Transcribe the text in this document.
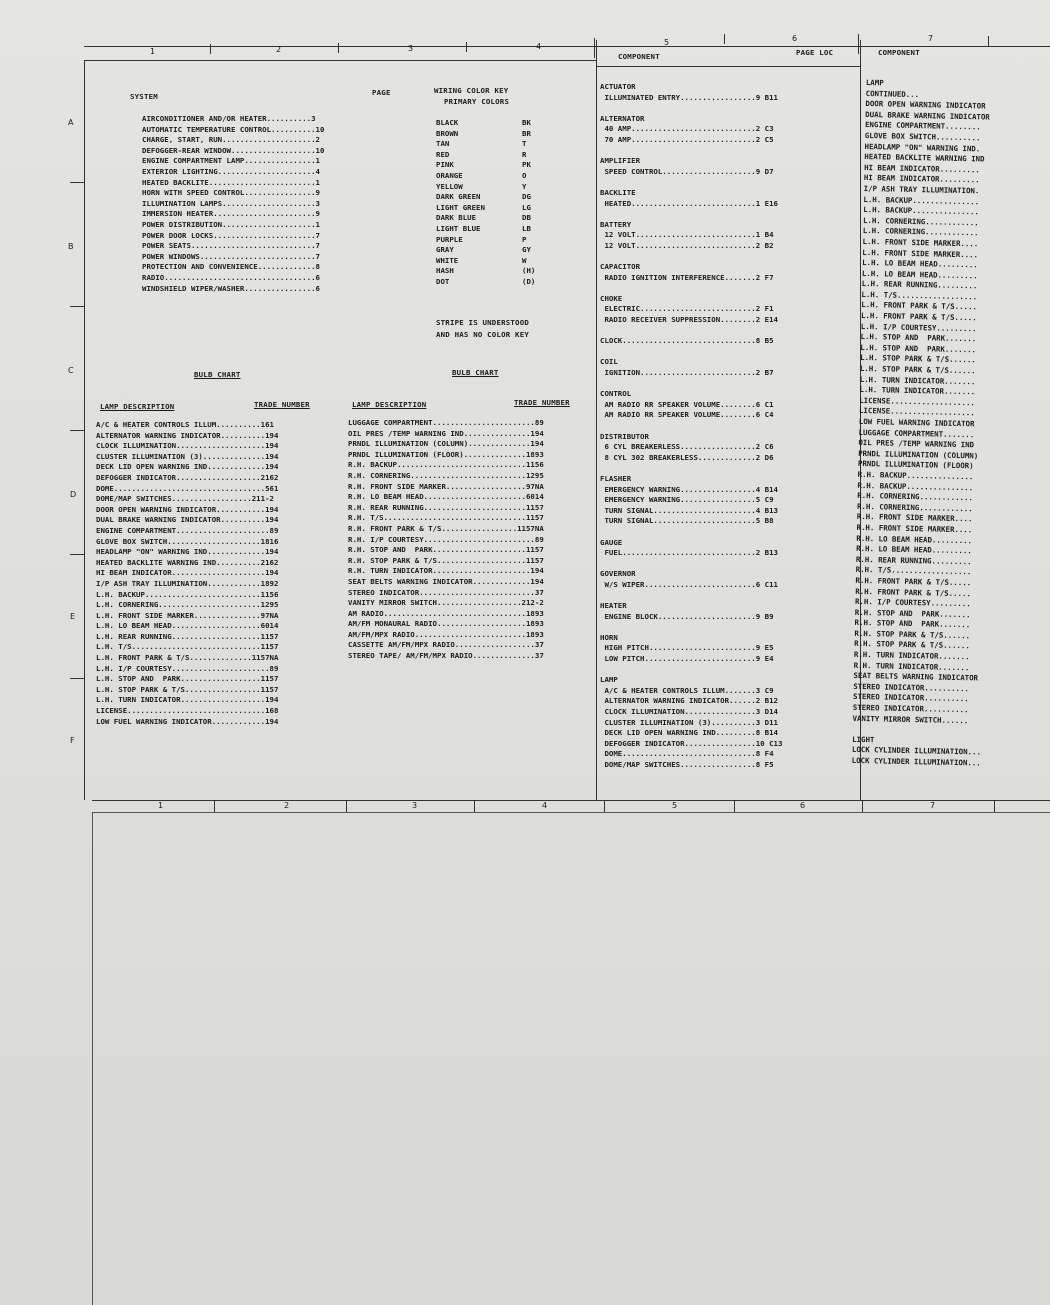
1	2	3	4	5	6	7
A
B
C
D
E
F
SYSTEM	PAGE
AIRCONDITIONER AND/OR HEATER..........3
AUTOMATIC TEMPERATURE CONTROL..........10
CHARGE, START, RUN.....................2
DEFOGGER-REAR WINDOW...................10
ENGINE COMPARTMENT LAMP................1
EXTERIOR LIGHTING......................4
HEATED BACKLITE........................1
HORN WITH SPEED CONTROL................9
ILLUMINATION LAMPS.....................3
IMMERSION HEATER.......................9
POWER DISTRIBUTION.....................1
POWER DOOR LOCKS.......................7
POWER SEATS............................7
POWER WINDOWS..........................7
PROTECTION AND CONVENIENCE.............8
RADIO..................................6
WINDSHIELD WIPER/WASHER................6
WIRING COLOR KEY
PRIMARY COLORS
BLACK	BK
BROWN	BR
TAN	T
RED	R
PINK	PK
ORANGE	O
YELLOW	Y
DARK GREEN	DG
LIGHT GREEN	LG
DARK BLUE	DB
LIGHT BLUE	LB
PURPLE	P
GRAY	GY
WHITE	W
HASH	(H)
DOT	(D)
STRIPE IS UNDERSTOOD
AND HAS NO COLOR KEY
BULB CHART
LAMP DESCRIPTION	TRADE NUMBER
A/C & HEATER CONTROLS ILLUM..........161
ALTERNATOR WARNING INDICATOR..........194
CLOCK ILLUMINATION....................194
CLUSTER ILLUMINATION (3)..............194
DECK LID OPEN WARNING IND.............194
DEFOGGER INDICATOR...................2162
DOME..................................561
DOME/MAP SWITCHES..................211-2
DOOR OPEN WARNING INDICATOR...........194
DUAL BRAKE WARNING INDICATOR..........194
ENGINE COMPARTMENT.....................89
GLOVE BOX SWITCH.....................1816
HEADLAMP "ON" WARNING IND.............194
HEATED BACKLITE WARNING IND..........2162
HI BEAM INDICATOR.....................194
I/P ASH TRAY ILLUMINATION............1892
L.H. BACKUP..........................1156
L.H. CORNERING.......................1295
L.H. FRONT SIDE MARKER...............97NA
L.H. LO BEAM HEAD....................6014
L.H. REAR RUNNING....................1157
L.H. T/S.............................1157
L.H. FRONT PARK & T/S..............1157NA
L.H. I/P COURTESY......................89
L.H. STOP AND  PARK..................1157
L.H. STOP PARK & T/S.................1157
L.H. TURN INDICATOR...................194
LICENSE...............................168
LOW FUEL WARNING INDICATOR............194
BULB CHART
LAMP DESCRIPTION	TRADE NUMBER
LUGGAGE COMPARTMENT.......................89
OIL PRES /TEMP WARNING IND...............194
PRNDL ILLUMINATION (COLUMN)..............194
PRNDL ILLUMINATION (FLOOR)..............1893
R.H. BACKUP.............................1156
R.H. CORNERING..........................1295
R.H. FRONT SIDE MARKER..................97NA
R.H. LO BEAM HEAD.......................6014
R.H. REAR RUNNING.......................1157
R.H. T/S................................1157
R.H. FRONT PARK & T/S.................1157NA
R.H. I/P COURTESY.........................89
R.H. STOP AND  PARK.....................1157
R.H. STOP PARK & T/S....................1157
R.H. TURN INDICATOR......................194
SEAT BELTS WARNING INDICATOR.............194
STEREO INDICATOR..........................37
VANITY MIRROR SWITCH...................212-2
AM RADIO................................1893
AM/FM MONAURAL RADIO....................1893
AM/FM/MPX RADIO.........................1893
CASSETTE AM/FM/MPX RADIO..................37
STEREO TAPE/ AM/FM/MPX RADIO..............37
COMPONENT	PAGE LOC
ACTUATOR
ILLUMINATED ENTRY.................9 B11
ALTERNATOR
40 AMP............................2 C3
70 AMP............................2 C5
AMPLIFIER
SPEED CONTROL.....................9 D7
BACKLITE
HEATED............................1 E16
BATTERY
12 VOLT...........................1 B4
12 VOLT...........................2 B2
CAPACITOR
RADIO IGNITION INTERFERENCE.......2 F7
CHOKE
ELECTRIC..........................2 F1
RADIO RECEIVER SUPPRESSION........2 E14
CLOCK..............................8 B5
COIL
IGNITION..........................2 B7
CONTROL
AM RADIO RR SPEAKER VOLUME........6 C1
AM RADIO RR SPEAKER VOLUME........6 C4
DISTRIBUTOR
6 CYL BREAKERLESS.................2 C6
8 CYL 302 BREAKERLESS.............2 D6
FLASHER
EMERGENCY WARNING.................4 B14
EMERGENCY WARNING.................5 C9
TURN SIGNAL.......................4 B13
TURN SIGNAL.......................5 B8
GAUGE
FUEL..............................2 B13
GOVERNOR
W/S WIPER.........................6 C11
HEATER
ENGINE BLOCK......................9 B9
HORN
HIGH PITCH........................9 E5
LOW PITCH.........................9 E4
LAMP
A/C & HEATER CONTROLS ILLUM.......3 C9
ALTERNATOR WARNING INDICATOR......2 B12
CLOCK ILLUMINATION................3 D14
CLUSTER ILLUMINATION (3)..........3 D11
DECK LID OPEN WARNING IND.........8 B14
DEFOGGER INDICATOR................10 C13
DOME..............................8 F4
DOME/MAP SWITCHES.................8 F5
COMPONENT
LAMP
CONTINUED...
DOOR OPEN WARNING INDICATOR
DUAL BRAKE WARNING INDICATOR
ENGINE COMPARTMENT........
GLOVE BOX SWITCH..........
HEADLAMP "ON" WARNING IND.
HEATED BACKLITE WARNING IND
HI BEAM INDICATOR.........
HI BEAM INDICATOR.........
I/P ASH TRAY ILLUMINATION.
L.H. BACKUP...............
L.H. BACKUP...............
L.H. CORNERING............
L.H. CORNERING............
L.H. FRONT SIDE MARKER....
L.H. FRONT SIDE MARKER....
L.H. LO BEAM HEAD.........
L.H. LO BEAM HEAD.........
L.H. REAR RUNNING.........
L.H. T/S..................
L.H. FRONT PARK & T/S.....
L.H. FRONT PARK & T/S.....
L.H. I/P COURTESY.........
L.H. STOP AND  PARK.......
L.H. STOP AND  PARK.......
L.H. STOP PARK & T/S......
L.H. STOP PARK & T/S......
L.H. TURN INDICATOR.......
L.H. TURN INDICATOR.......
LICENSE...................
LICENSE...................
LOW FUEL WARNING INDICATOR
LUGGAGE COMPARTMENT.......
OIL PRES /TEMP WARNING IND
PRNDL ILLUMINATION (COLUMN)
PRNDL ILLUMINATION (FLOOR)
R.H. BACKUP...............
R.H. BACKUP...............
R.H. CORNERING............
R.H. CORNERING............
R.H. FRONT SIDE MARKER....
R.H. FRONT SIDE MARKER....
R.H. LO BEAM HEAD.........
R.H. LO BEAM HEAD.........
R.H. REAR RUNNING.........
R.H. T/S..................
R.H. FRONT PARK & T/S.....
R.H. FRONT PARK & T/S.....
R.H. I/P COURTESY.........
R.H. STOP AND  PARK.......
R.H. STOP AND  PARK.......
R.H. STOP PARK & T/S......
R.H. STOP PARK & T/S......
R.H. TURN INDICATOR.......
R.H. TURN INDICATOR.......
SEAT BELTS WARNING INDICATOR
STEREO INDICATOR..........
STEREO INDICATOR..........
STEREO INDICATOR..........
VANITY MIRROR SWITCH......
LIGHT
LOCK CYLINDER ILLUMINATION...
LOCK CYLINDER ILLUMINATION...
1	2	3	4	5	6	7
